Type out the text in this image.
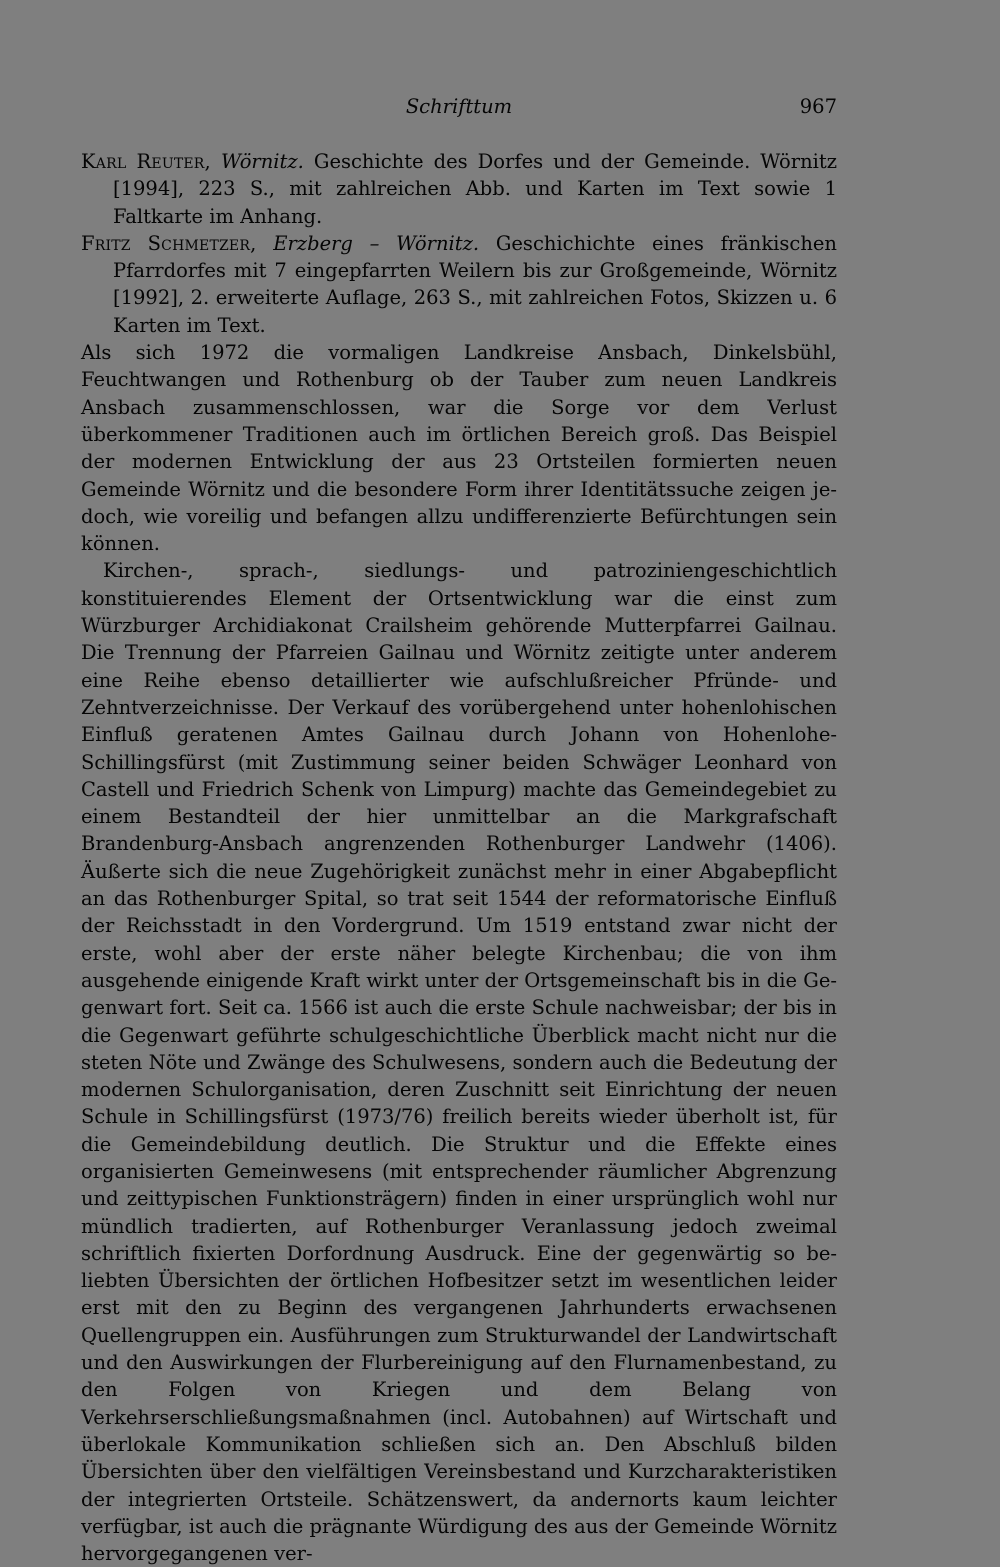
Schrifttum	967

Karl Reuter, Wörnitz. Geschichte des Dorfes und der Gemeinde. Wörnitz [1994], 223 S., mit zahlreichen Abb. und Karten im Text sowie 1 Faltkarte im Anhang.

Fritz Schmetzer, Erzberg – Wörnitz. Geschichichte eines fränkischen Pfarrdorfes mit 7 eingepfarrten Weilern bis zur Großgemeinde, Wörnitz [1992], 2. erweiterte Auflage, 263 S., mit zahlreichen Fotos, Skizzen u. 6 Karten im Text.

Als sich 1972 die vormaligen Landkreise Ansbach, Dinkelsbühl, Feuchtwangen und Rothenburg ob der Tauber zum neuen Landkreis Ansbach zusammenschlossen, war die Sorge vor dem Verlust überkommener Traditionen auch im örtlichen Bereich groß. Das Beispiel der modernen Entwicklung der aus 23 Ortsteilen formierten neuen Gemeinde Wörnitz und die besondere Form ihrer Identitätssuche zeigen jedoch, wie voreilig und befangen allzu undifferenzierte Befürchtungen sein können.

Kirchen-, sprach-, siedlungs- und patroziniengeschichtlich konstituierendes Element der Ortsentwicklung war die einst zum Würzburger Archidiakonat Crailsheim gehörende Mutterpfarrei Gailnau. Die Trennung der Pfarreien Gailnau und Wörnitz zeitigte unter anderem eine Reihe ebenso detaillierter wie aufschlußreicher Pfründe- und Zehntverzeichnisse. Der Verkauf des vorübergehend unter hohenlohischen Einfluß geratenen Amtes Gailnau durch Johann von Hohenlohe-Schillingsfürst (mit Zustimmung seiner beiden Schwäger Leonhard von Castell und Friedrich Schenk von Limpurg) machte das Gemeindegebiet zu einem Bestandteil der hier unmittelbar an die Markgrafschaft Brandenburg-Ansbach angrenzenden Rothenburger Landwehr (1406). Äußerte sich die neue Zugehörigkeit zunächst mehr in einer Abgabepflicht an das Rothenburger Spital, so trat seit 1544 der reformatorische Einfluß der Reichsstadt in den Vordergrund. Um 1519 entstand zwar nicht der erste, wohl aber der erste näher belegte Kirchenbau; die von ihm ausgehende einigende Kraft wirkt unter der Ortsgemeinschaft bis in die Gegenwart fort. Seit ca. 1566 ist auch die erste Schule nachweisbar; der bis in die Gegenwart geführte schulgeschichtliche Überblick macht nicht nur die steten Nöte und Zwänge des Schulwesens, sondern auch die Bedeutung der modernen Schulorganisation, deren Zuschnitt seit Einrichtung der neuen Schule in Schillingsfürst (1973/76) freilich bereits wieder überholt ist, für die Gemeindebildung deutlich. Die Struktur und die Effekte eines organisierten Gemeinwesens (mit entsprechender räumlicher Abgrenzung und zeittypischen Funktionsträgern) finden in einer ursprünglich wohl nur mündlich tradierten, auf Rothenburger Veranlassung jedoch zweimal schriftlich fixierten Dorfordnung Ausdruck. Eine der gegenwärtig so beliebten Übersichten der örtlichen Hofbesitzer setzt im wesentlichen leider erst mit den zu Beginn des vergangenen Jahrhunderts erwachsenen Quellengruppen ein. Ausführungen zum Strukturwandel der Landwirtschaft und den Auswirkungen der Flurbereinigung auf den Flurnamenbestand, zu den Folgen von Kriegen und dem Belang von Verkehrserschließungsmaßnahmen (incl. Autobahnen) auf Wirtschaft und überlokale Kommunikation schließen sich an. Den Abschluß bilden Übersichten über den vielfältigen Vereinsbestand und Kurzcharakteristiken der integrierten Ortsteile. Schätzenswert, da andernorts kaum leichter verfügbar, ist auch die prägnante Würdigung des aus der Gemeinde Wörnitz hervorgegangenen ver-
